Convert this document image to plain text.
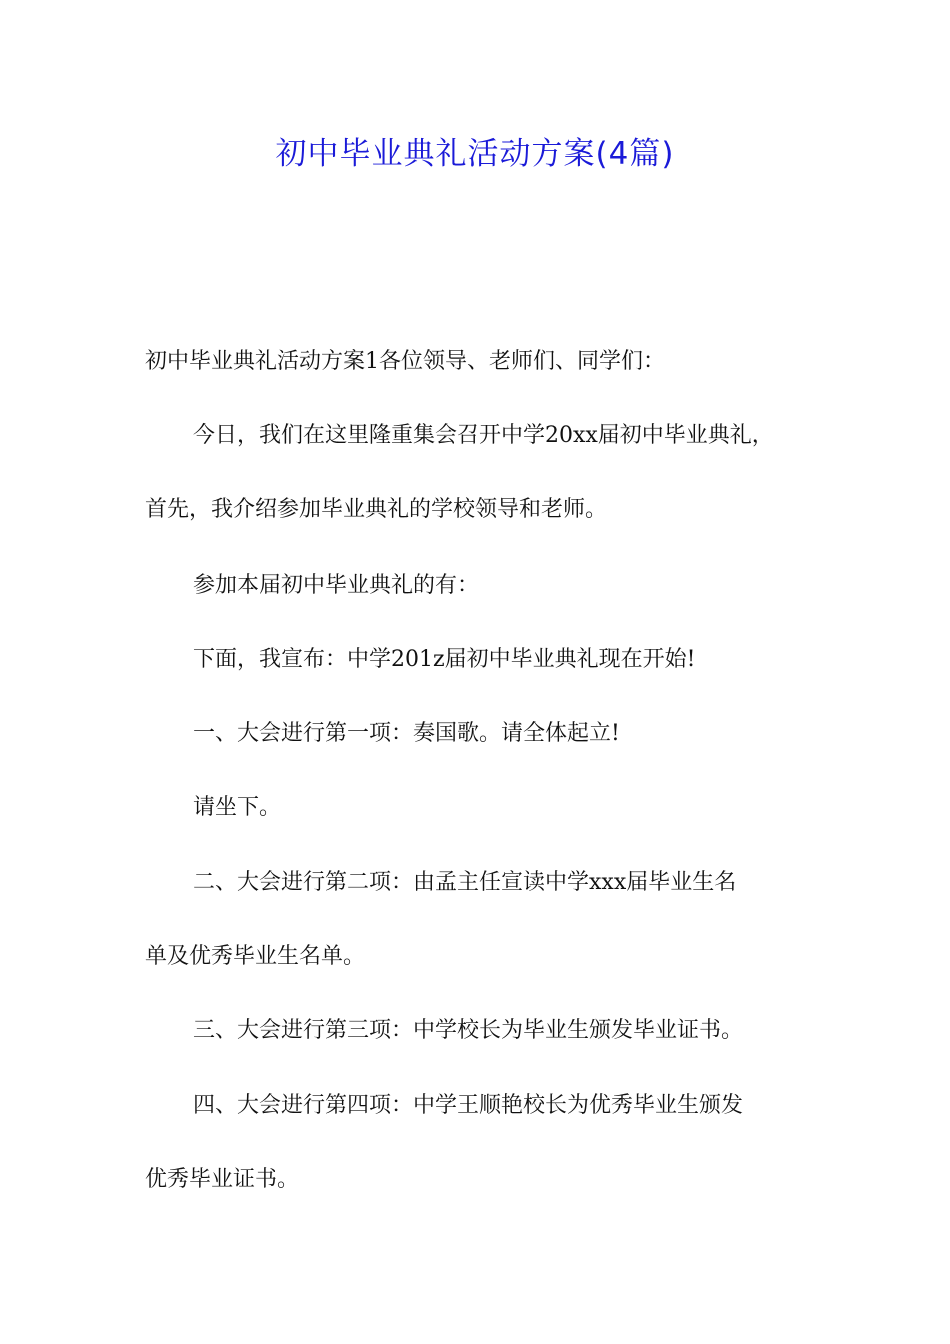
初中毕业典礼活动方案(4篇)
初中毕业典礼活动方案1各位领导、老师们、同学们：
今日，我们在这里隆重集会召开中学20xx届初中毕业典礼，
首先，我介绍参加毕业典礼的学校领导和老师。
参加本届初中毕业典礼的有：
下面，我宣布：中学201z届初中毕业典礼现在开始!
一、大会进行第一项：奏国歌。请全体起立!
请坐下。
二、大会进行第二项：由孟主任宣读中学xxx届毕业生名
单及优秀毕业生名单。
三、大会进行第三项：中学校长为毕业生颁发毕业证书。
四、大会进行第四项：中学王顺艳校长为优秀毕业生颁发
优秀毕业证书。
